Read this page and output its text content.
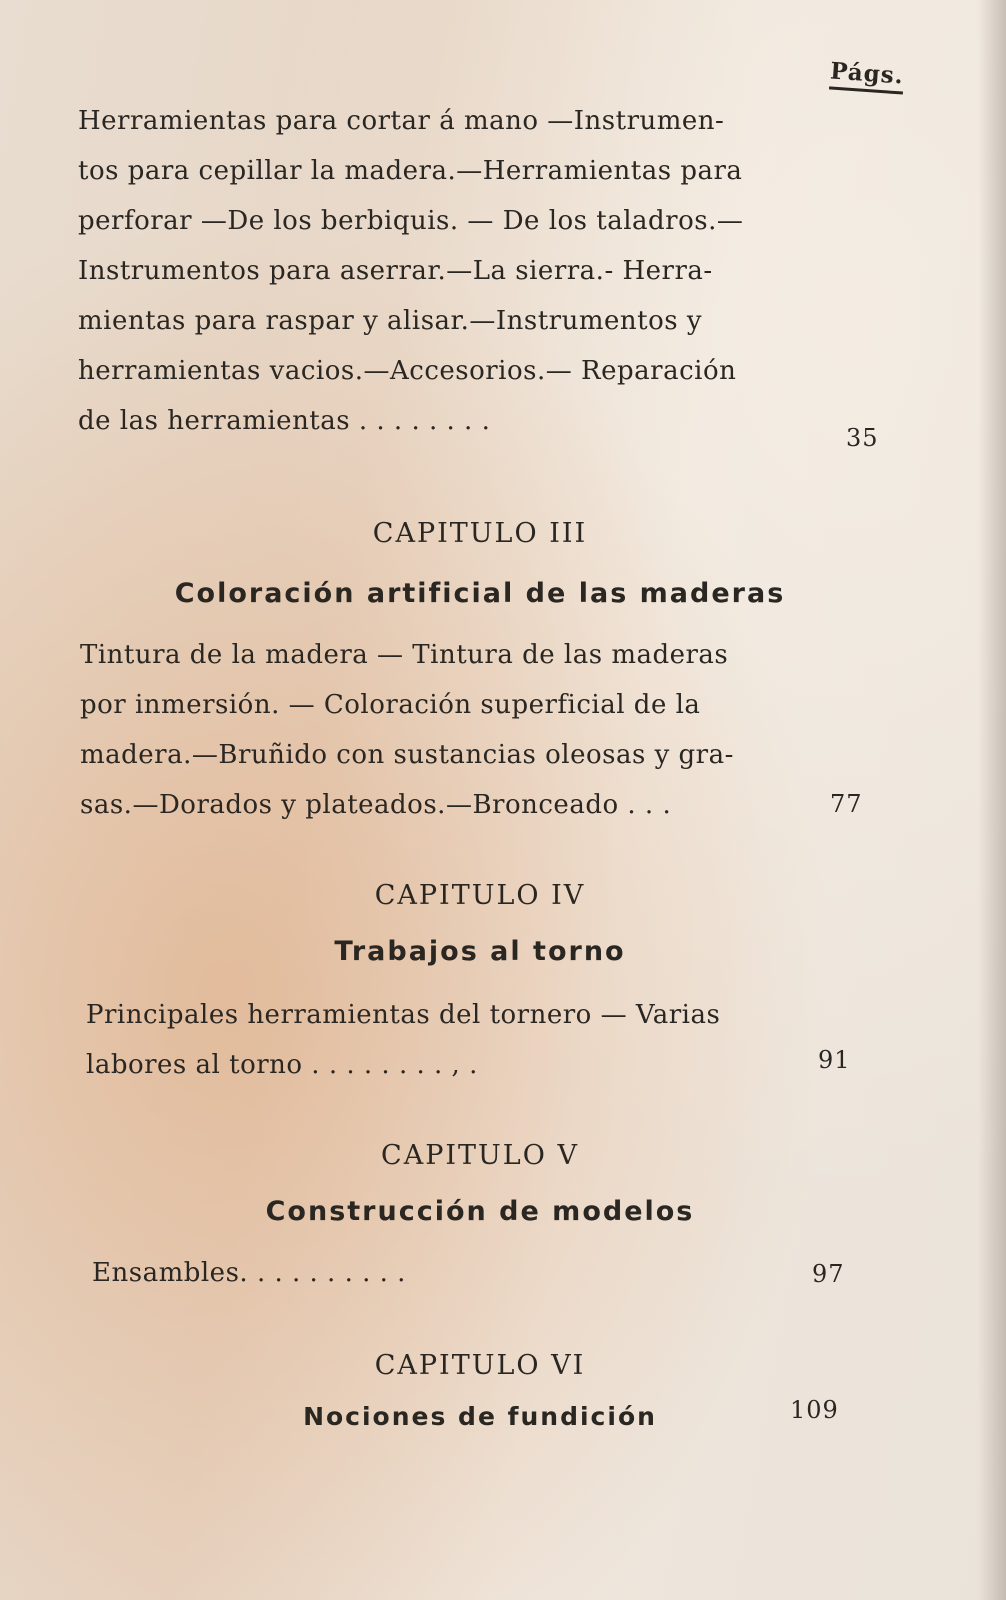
Págs.
Herramientas para cortar á mano —Instrumen-
tos para cepillar la madera.—Herramientas para
perforar —De los berbiquis. — De los taladros.—
Instrumentos para aserrar.—La sierra.- Herra-
mientas para raspar y alisar.—Instrumentos y
herramientas vacios.—Accesorios.— Reparación
de las herramientas . . . . . . . .
35
CAPITULO III
Coloración artificial de las maderas
Tintura de la madera — Tintura de las maderas
por inmersión. — Coloración superficial de la
madera.—Bruñido con sustancias oleosas y gra-
sas.—Dorados y plateados.—Bronceado . . .	77
CAPITULO IV
Trabajos al torno
Principales herramientas del tornero — Varias
labores al torno . . . . . . . . , .	91
CAPITULO V
Construcción de modelos
Ensambles. . . . . . . . . .	97
CAPITULO VI
Nociones de fundición	109
